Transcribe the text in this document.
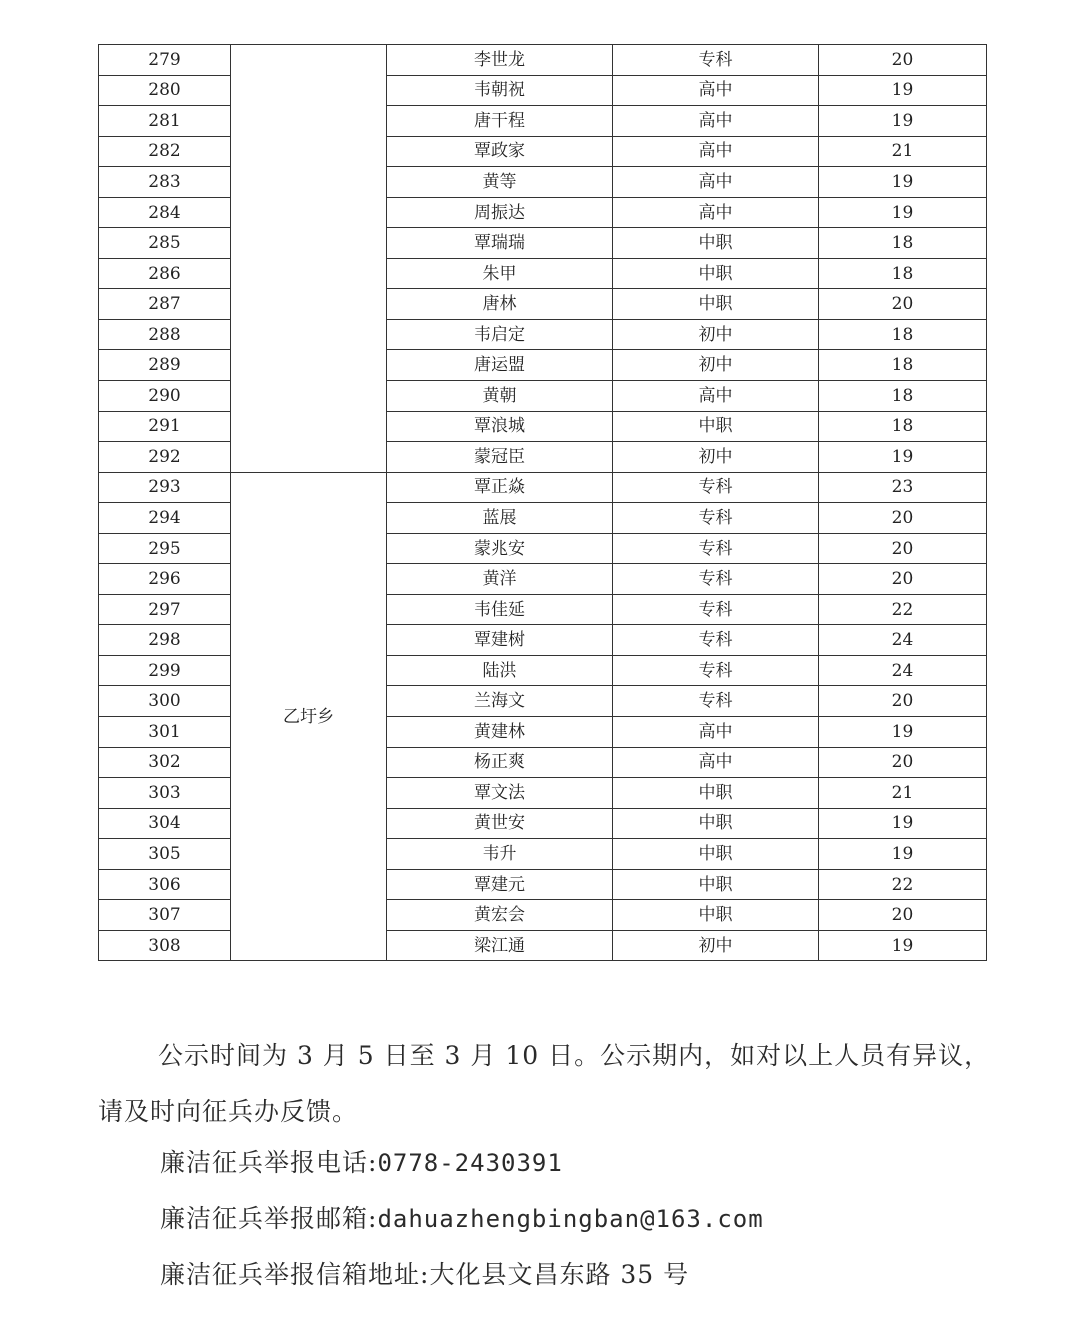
279		李世龙	专科	20
280		韦朝祝	高中	19
281		唐干程	高中	19
282		覃政家	高中	21
283		黄等	高中	19
284		周振达	高中	19
285		覃瑞瑞	中职	18
286		朱甲	中职	18
287		唐林	中职	20
288		韦启定	初中	18
289		唐运盟	初中	18
290		黄朝	高中	18
291		覃浪城	中职	18
292		蒙冠臣	初中	19
293	乙圩乡	覃正焱	专科	23
294		蓝展	专科	20
295		蒙兆安	专科	20
296		黄洋	专科	20
297		韦佳延	专科	22
298		覃建树	专科	24
299		陆洪	专科	24
300		兰海文	专科	20
301		黄建林	高中	19
302		杨正爽	高中	20
303		覃文法	中职	21
304		黄世安	中职	19
305		韦升	中职	19
306		覃建元	中职	22
307		黄宏会	中职	20
308		梁江通	初中	19
公示时间为 3 月 5 日至 3 月 10 日。公示期内，如对以上人员有异议，请及时向征兵办反馈。
廉洁征兵举报电话:0778-2430391
廉洁征兵举报邮箱:dahuazhengbingban@163.com
廉洁征兵举报信箱地址:大化县文昌东路 35 号
